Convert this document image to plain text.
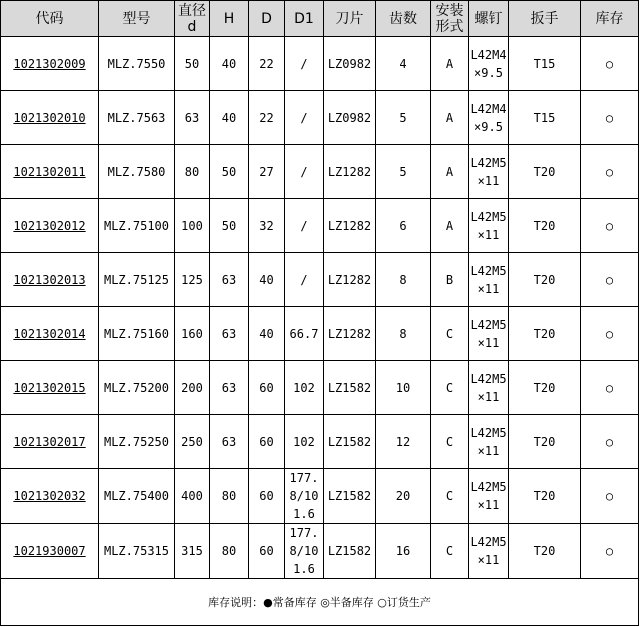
代码	型号	直径d	H	D	D1	刀片	齿数	安装形式	螺钉	扳手	库存
1021302009	MLZ.7550	50	40	22	/	LZ0982	4	A	L42M4×9.5	T15	○
1021302010	MLZ.7563	63	40	22	/	LZ0982	5	A	L42M4×9.5	T15	○
1021302011	MLZ.7580	80	50	27	/	LZ1282	5	A	L42M5×11	T20	○
1021302012	MLZ.75100	100	50	32	/	LZ1282	6	A	L42M5×11	T20	○
1021302013	MLZ.75125	125	63	40	/	LZ1282	8	B	L42M5×11	T20	○
1021302014	MLZ.75160	160	63	40	66.7	LZ1282	8	C	L42M5×11	T20	○
1021302015	MLZ.75200	200	63	60	102	LZ1582	10	C	L42M5×11	T20	○
1021302017	MLZ.75250	250	63	60	102	LZ1582	12	C	L42M5×11	T20	○
1021302032	MLZ.75400	400	80	60	177.8/101.6	LZ1582	20	C	L42M5×11	T20	○
1021930007	MLZ.75315	315	80	60	177.8/101.6	LZ1582	16	C	L42M5×11	T20	○
库存说明：●常备库存 ◎半备库存 ○订货生产											
